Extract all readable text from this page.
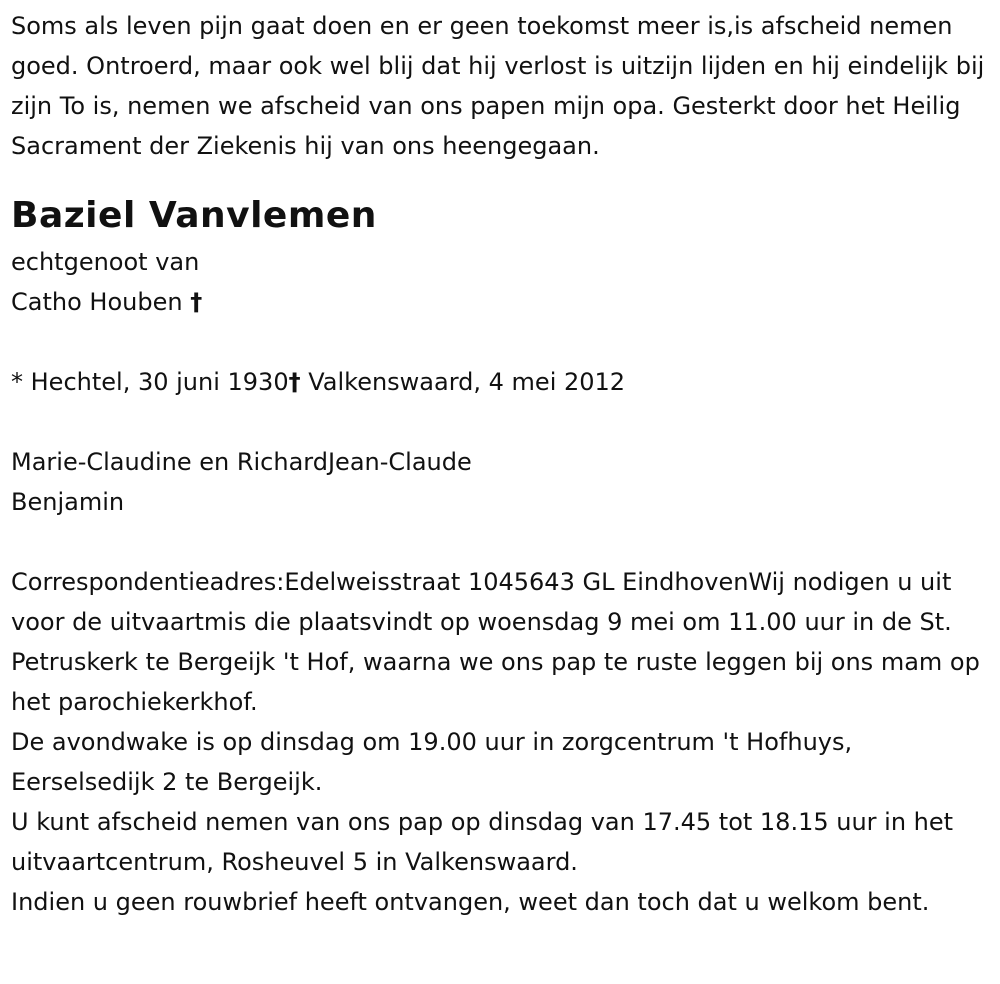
Soms als leven pijn gaat doen en er geen toekomst meer is,is afscheid nemen goed. Ontroerd, maar ook wel blij dat hij verlost is uitzijn lijden en hij eindelijk bij zijn To is, nemen we afscheid van ons papen mijn opa. Gesterkt door het Heilig Sacrament der Ziekenis hij van ons heengegaan.

Baziel Vanvlemen
echtgenoot van
Catho Houben †
* Hechtel, 30 juni 1930† Valkenswaard, 4 mei 2012
Marie-Claudine en RichardJean-Claude
Benjamin

Correspondentieadres:Edelweisstraat 1045643 GL EindhovenWij nodigen u uit voor de uitvaartmis die plaatsvindt op woensdag 9 mei om 11.00 uur in de St. Petruskerk te Bergeijk 't Hof, waarna we ons pap te ruste leggen bij ons mam op het parochiekerkhof.

De avondwake is op dinsdag om 19.00 uur in zorgcentrum 't Hofhuys, Eerselsedijk 2 te Bergeijk.

U kunt afscheid nemen van ons pap op dinsdag van 17.45 tot 18.15 uur in het uitvaartcentrum, Rosheuvel 5 in Valkenswaard.

Indien u geen rouwbrief heeft ontvangen, weet dan toch dat u welkom bent.
